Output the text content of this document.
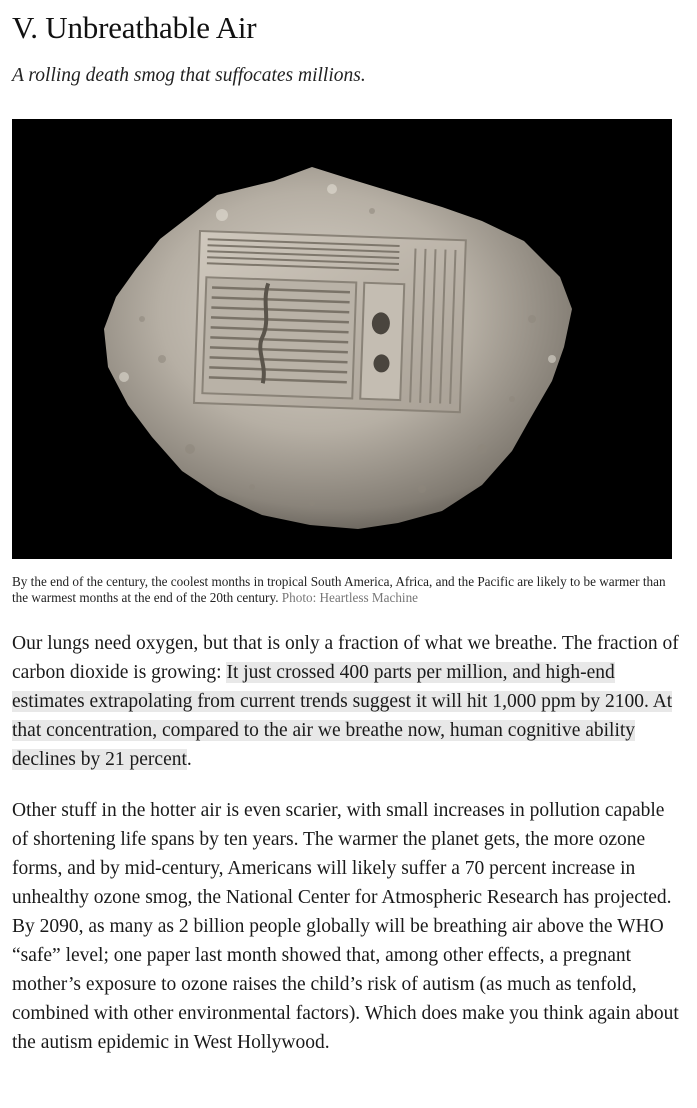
V. Unbreathable Air

A rolling death smog that suffocates millions.

By the end of the century, the coolest months in tropical South America, Africa, and the Pacific are likely to be warmer than the warmest months at the end of the 20th century. Photo: Heartless Machine

Our lungs need oxygen, but that is only a fraction of what we breathe. The fraction of carbon dioxide is growing: It just crossed 400 parts per million, and high-end estimates extrapolating from current trends suggest it will hit 1,000 ppm by 2100. At that concentration, compared to the air we breathe now, human cognitive ability declines by 21 percent.

Other stuff in the hotter air is even scarier, with small increases in pollution capable of shortening life spans by ten years. The warmer the planet gets, the more ozone forms, and by mid-century, Americans will likely suffer a 70 percent increase in unhealthy ozone smog, the National Center for Atmospheric Research has projected. By 2090, as many as 2 billion people globally will be breathing air above the WHO “safe” level; one paper last month showed that, among other effects, a pregnant mother’s exposure to ozone raises the child’s risk of autism (as much as tenfold, combined with other environmental factors). Which does make you think again about the autism epidemic in West Hollywood.
